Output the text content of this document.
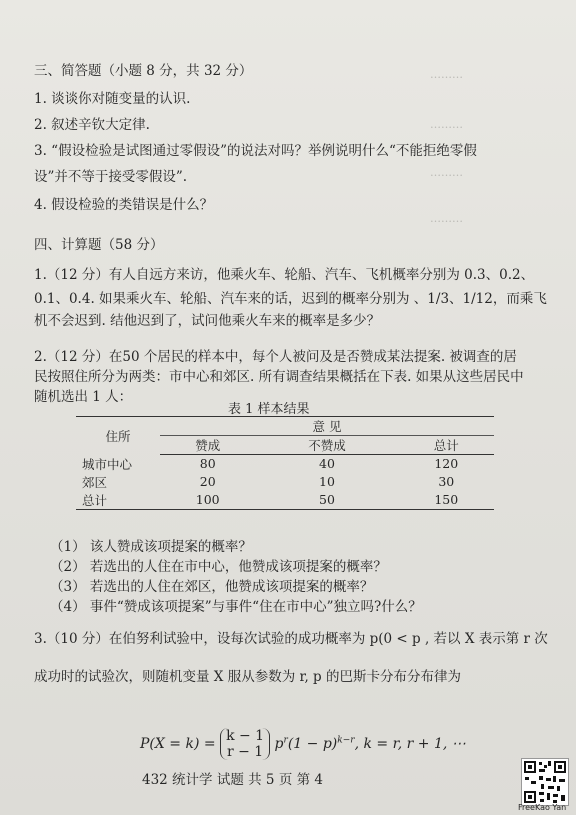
………
………
………
………
三、简答题（小题 8 分，共 32 分）
1. 谈谈你对随变量的认识.
2. 叙述辛钦大定律.
3. “假设检验是试图通过零假设”的说法对吗？举例说明什么“不能拒绝零假
设”并不等于接受零假设”.
4. 假设检验的类错误是什么？
四、计算题（58 分）
1.（12 分）有人自远方来访，他乘火车、轮船、汽车、飞机概率分别为 0.3、0.2、
0.1、0.4. 如果乘火车、轮船、汽车来的话，迟到的概率分别为 、1/3、1/12，而乘飞
机不会迟到. 结他迟到了，试问他乘火车来的概率是多少？
2.（12 分）在50 个居民的样本中，每个人被问及是否赞成某法提案. 被调查的居
民按照住所分为两类：市中心和郊区. 所有调查结果概括在下表. 如果从这些居民中
随机选出 1 人：
表 1 样本结果
住所	意 见		
	赞成	不赞成	总计
城市中心	80	40	120
郊区	20	10	30
总计	100	50	150
（1） 该人赞成该项提案的概率？
（2） 若选出的人住在市中心，他赞成该项提案的概率？
（3） 若选出的人住在郊区，他赞成该项提案的概率？
（4） 事件“赞成该项提案”与事件“住在市中心”独立吗?什么？
3.（10 分）在伯努利试验中，设每次试验的成功概率为 p(0 < p , 若以 X 表示第 r 次
成功时的试验次，则随机变量 X 服从参数为 r, p 的巴斯卡分布分布律为
P(X = k) = k − 1
r − 1 $p^r(1 - p)^{k-r}$, k = r, r + 1, ⋯
432 统计学 试题 共 5 页 第 4
FreeKao Yan
